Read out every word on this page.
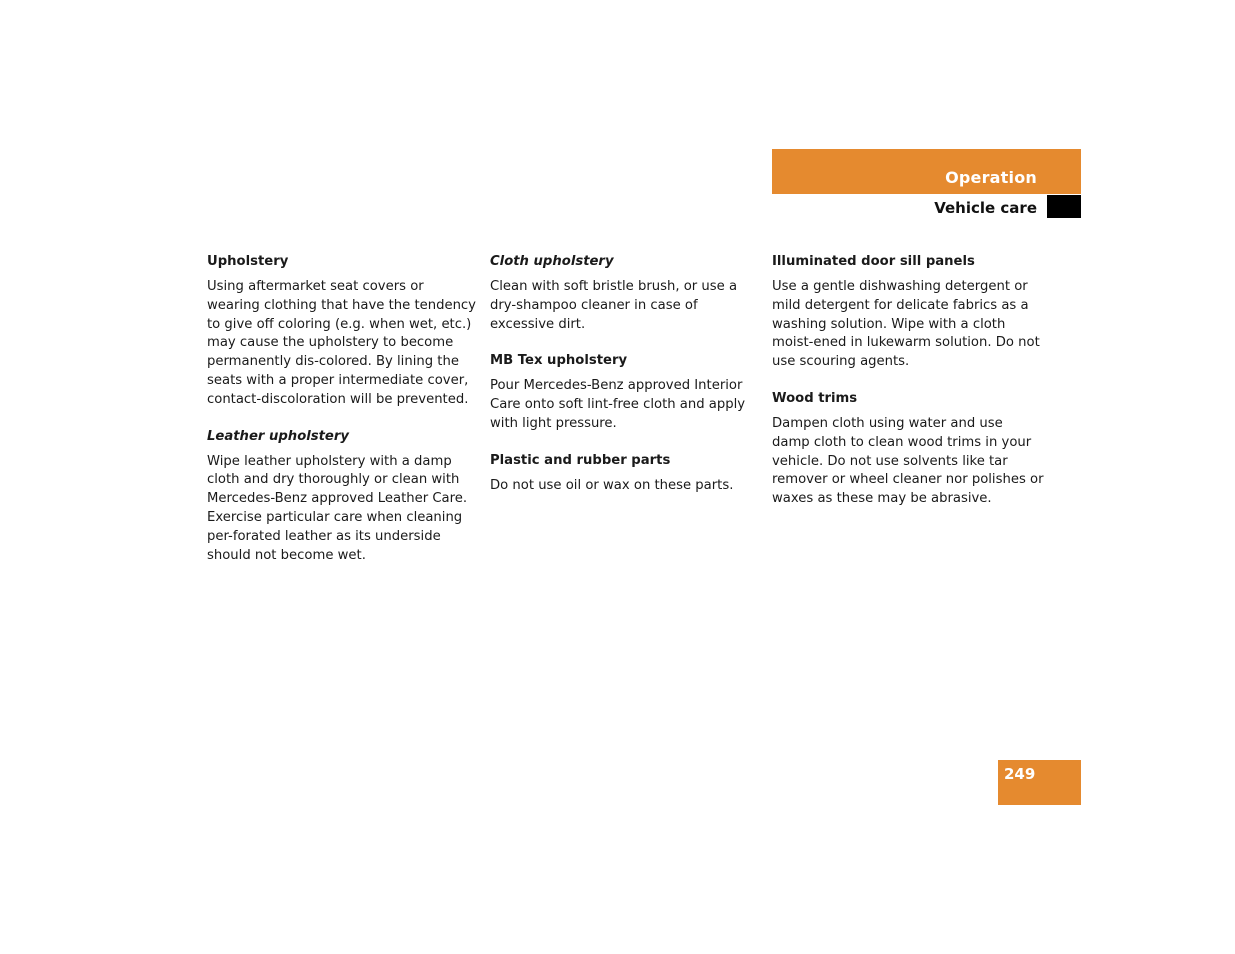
Operation
Vehicle care
Upholstery

Using aftermarket seat covers or wearing clothing that have the tendency to give off coloring (e.g. when wet, etc.) may cause the upholstery to become permanently dis-colored. By lining the seats with a proper intermediate cover, contact-discoloration will be prevented.

Leather upholstery

Wipe leather upholstery with a damp cloth and dry thoroughly or clean with Mercedes-Benz approved Leather Care. Exercise particular care when cleaning per-forated leather as its underside should not become wet.

Cloth upholstery

Clean with soft bristle brush, or use a dry-shampoo cleaner in case of excessive dirt.

MB Tex upholstery

Pour Mercedes-Benz approved Interior Care onto soft lint-free cloth and apply with light pressure.

Plastic and rubber parts

Do not use oil or wax on these parts.

Illuminated door sill panels

Use a gentle dishwashing detergent or mild detergent for delicate fabrics as a washing solution. Wipe with a cloth moist-ened in lukewarm solution. Do not use scouring agents.

Wood trims

Dampen cloth using water and use damp cloth to clean wood trims in your vehicle. Do not use solvents like tar remover or wheel cleaner nor polishes or waxes as these may be abrasive.

249
